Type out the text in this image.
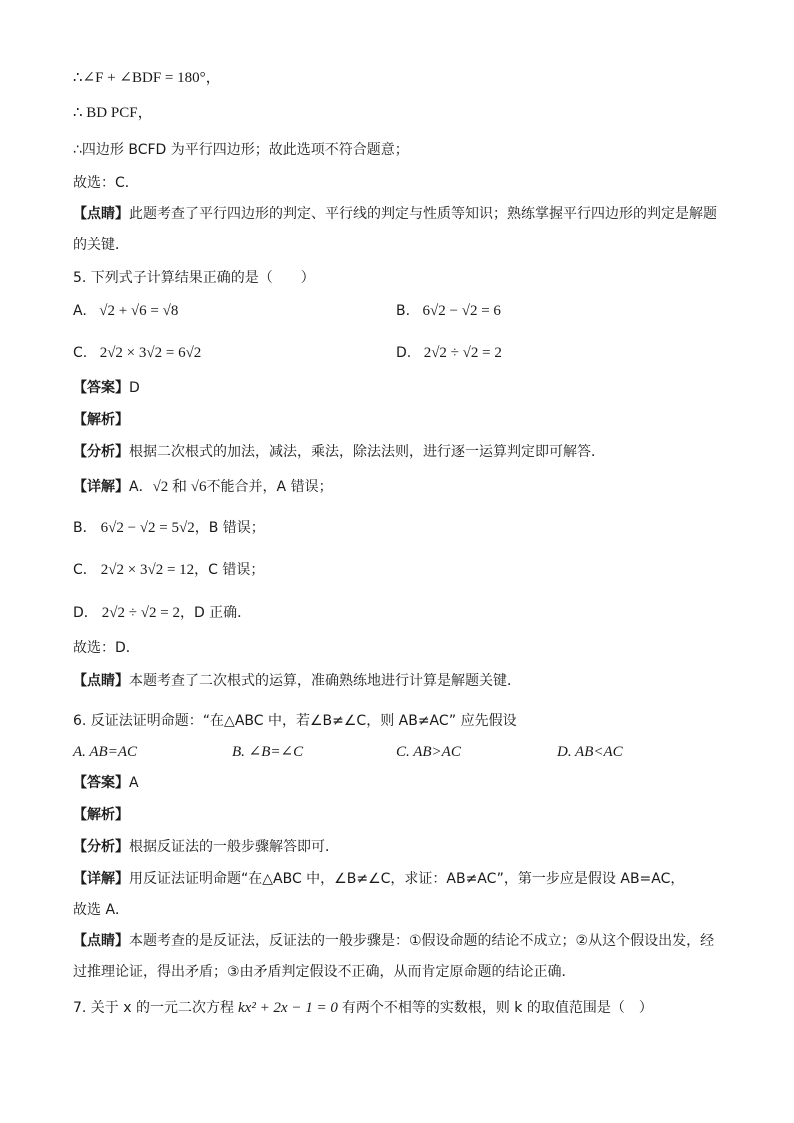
∴∠F + ∠BDF = 180°，
∴ BD PCF，
∴四边形 BCFD 为平行四边形；故此选项不符合题意；
故选：C．
【点睛】此题考查了平行四边形的判定、平行线的判定与性质等知识；熟练掌握平行四边形的判定是解题
的关键．
5. 下列式子计算结果正确的是（　　）
A. √2 + √6 = √8	B. 6√2 − √2 = 6
C. 2√2 × 3√2 = 6√2	D. 2√2 ÷ √2 = 2
【答案】D
【解析】
【分析】根据二次根式的加法，减法，乘法，除法法则，进行逐一运算判定即可解答．
【详解】A．√2 和 √6不能合并，A 错误；
B． 6√2 − √2 = 5√2，B 错误；
C． 2√2 × 3√2 = 12，C 错误；
D． 2√2 ÷ √2 = 2，D 正确．
故选：D．
【点睛】本题考查了二次根式的运算，准确熟练地进行计算是解题关键．
6. 反证法证明命题：“在△ABC 中，若∠B≠∠C，则 AB≠AC” 应先假设
A. AB=AC	B. ∠B=∠C	C. AB>AC	D. AB<AC
【答案】A
【解析】
【分析】根据反证法的一般步骤解答即可．
【详解】用反证法证明命题“在△ABC 中，∠B≠∠C，求证：AB≠AC”，第一步应是假设 AB=AC，
故选 A．
【点睛】本题考查的是反证法，反证法的一般步骤是：①假设命题的结论不成立；②从这个假设出发，经
过推理论证，得出矛盾；③由矛盾判定假设不正确，从而肯定原命题的结论正确．
7. 关于 x 的一元二次方程 kx² + 2x − 1 = 0 有两个不相等的实数根，则 k 的取值范围是（　）
